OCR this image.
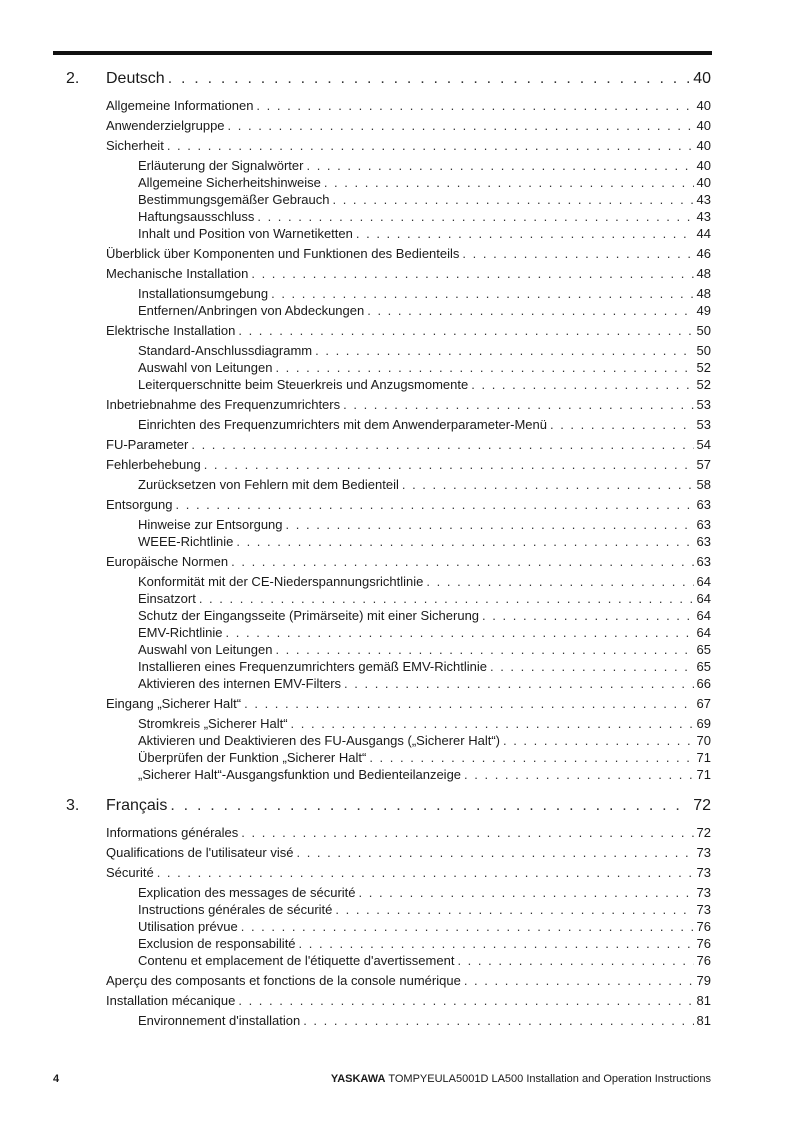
2. Deutsch . . .	40
Allgemeine Informationen . . .	40
Anwenderzielgruppe . . .	40
Sicherheit . . .	40
Erläuterung der Signalwörter . . .	40
Allgemeine Sicherheitshinweise . . .	40
Bestimmungsgemäßer Gebrauch . . .	43
Haftungsausschluss . . .	43
Inhalt und Position von Warnetiketten . . .	44
Überblick über Komponenten und Funktionen des Bedienteils . . .	46
Mechanische Installation . . .	48
Installationsumgebung . . .	48
Entfernen/Anbringen von Abdeckungen . . .	49
Elektrische Installation . . .	50
Standard-Anschlussdiagramm . . .	50
Auswahl von Leitungen . . .	52
Leiterquerschnitte beim Steuerkreis und Anzugsmomente . . .	52
Inbetriebnahme des Frequenzumrichters . . .	53
Einrichten des Frequenzumrichters mit dem Anwenderparameter-Menü . . .	53
FU-Parameter . . .	54
Fehlerbehebung . . .	57
Zurücksetzen von Fehlern mit dem Bedienteil . . .	58
Entsorgung . . .	63
Hinweise zur Entsorgung . . .	63
WEEE-Richtlinie . . .	63
Europäische Normen . . .	63
Konformität mit der CE-Niederspannungsrichtlinie . . .	64
Einsatzort . . .	64
Schutz der Eingangsseite (Primärseite) mit einer Sicherung . . .	64
EMV-Richtlinie . . .	64
Auswahl von Leitungen . . .	65
Installieren eines Frequenzumrichters gemäß EMV-Richtlinie . . .	65
Aktivieren des internen EMV-Filters . . .	66
Eingang „Sicherer Halt“ . . .	67
Stromkreis „Sicherer Halt“ . . .	69
Aktivieren und Deaktivieren des FU-Ausgangs („Sicherer Halt“) . . .	70
Überprüfen der Funktion „Sicherer Halt“ . . .	71
„Sicherer Halt“-Ausgangsfunktion und Bedienteilanzeige . . .	71
3. Français . . .	72
Informations générales . . .	72
Qualifications de l'utilisateur visé . . .	73
Sécurité . . .	73
Explication des messages de sécurité . . .	73
Instructions générales de sécurité . . .	73
Utilisation prévue . . .	76
Exclusion de responsabilité . . .	76
Contenu et emplacement de l'étiquette d'avertissement . . .	76
Aperçu des composants et fonctions de la console numérique . . .	79
Installation mécanique . . .	81
Environnement d'installation . . .	81
4	YASKAWA TOMPYEULA5001D LA500 Installation and Operation Instructions
